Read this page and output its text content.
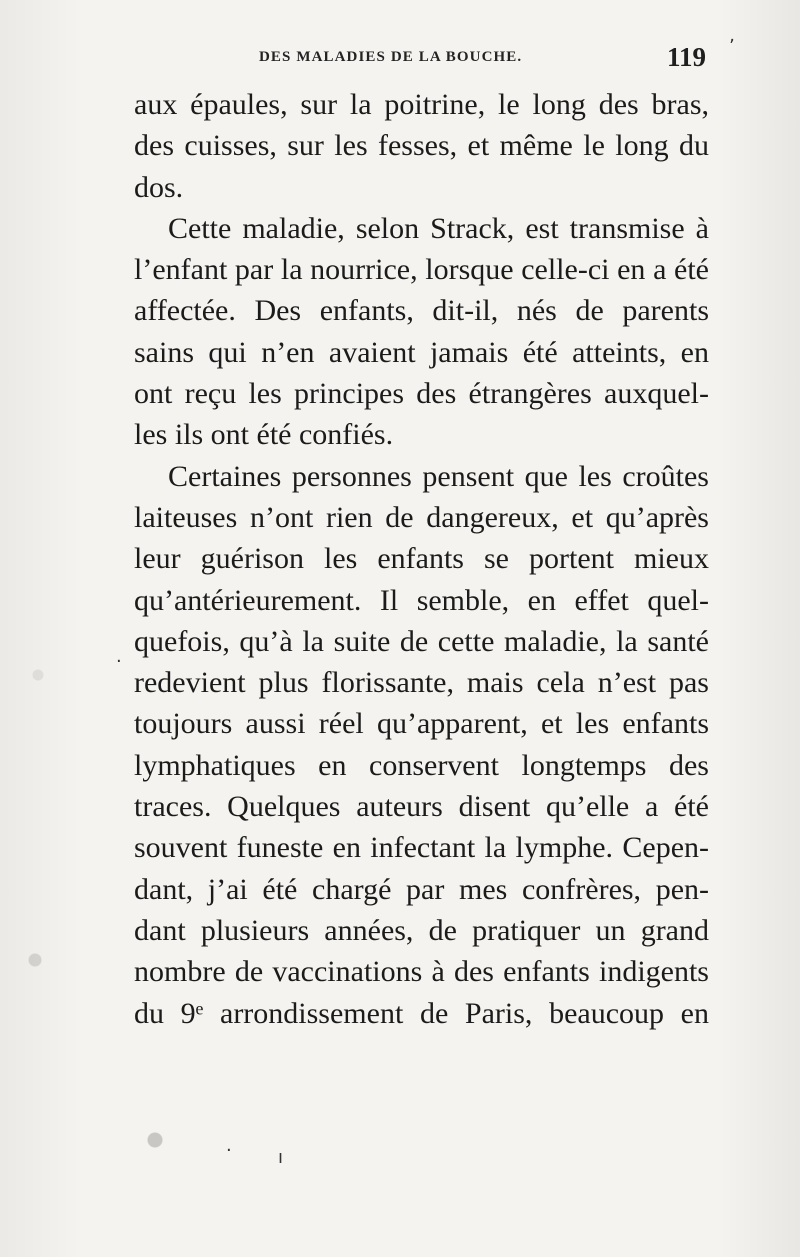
DES MALADIES DE LA BOUCHE.	119
aux épaules, sur la poitrine, le long des bras,
des cuisses, sur les fesses, et même le long du
dos.
Cette maladie, selon Strack, est transmise à
l’enfant par la nourrice, lorsque celle-ci en a été
affectée. Des enfants, dit-il, nés de parents
sains qui n’en avaient jamais été atteints, en
ont reçu les principes des étrangères auxquel-
les ils ont été confiés.
Certaines personnes pensent que les croûtes
laiteuses n’ont rien de dangereux, et qu’après
leur guérison les enfants se portent mieux
qu’antérieurement. Il semble, en effet quel-
quefois, qu’à la suite de cette maladie, la santé
redevient plus florissante, mais cela n’est pas
toujours aussi réel qu’apparent, et les enfants
lymphatiques en conservent longtemps des
traces. Quelques auteurs disent qu’elle a été
souvent funeste en infectant la lymphe. Cepen-
dant, j’ai été chargé par mes confrères, pen-
dant plusieurs années, de pratiquer un grand
nombre de vaccinations à des enfants indigents
du 9ᵉ arrondissement de Paris, beaucoup en
ʼ
.
.
ı
